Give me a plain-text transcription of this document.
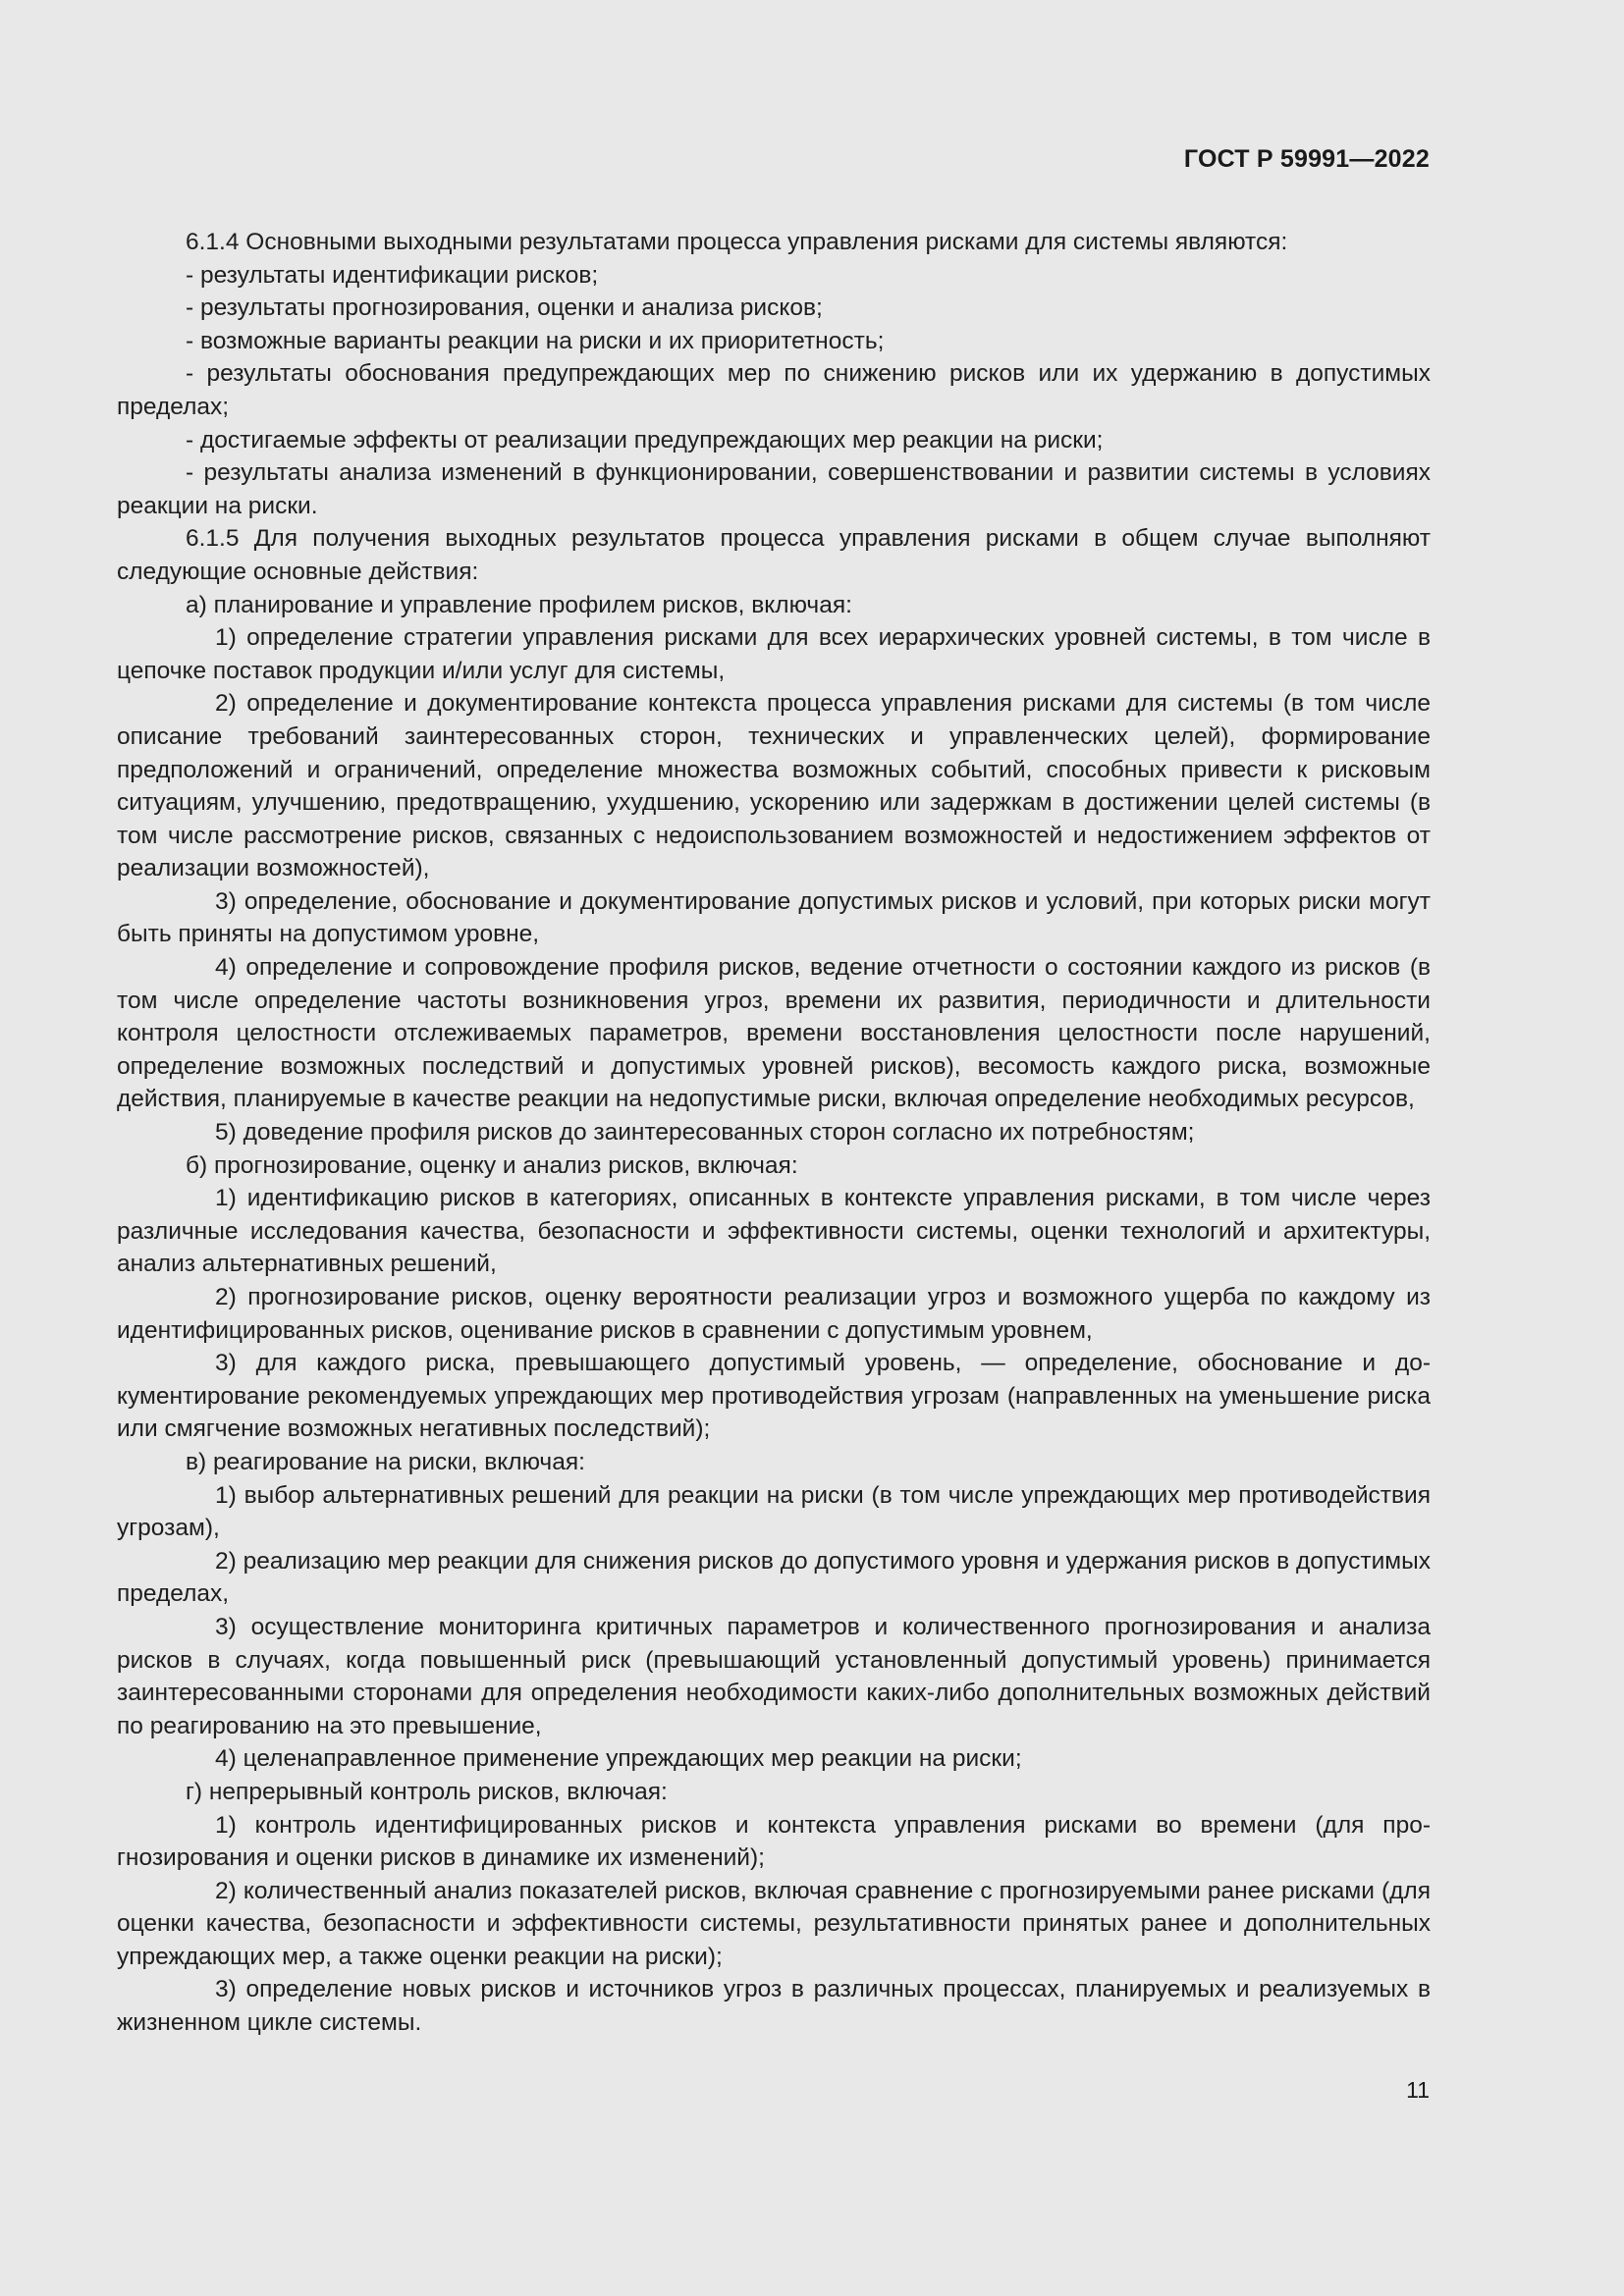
ГОСТ Р 59991—2022

6.1.4 Основными выходными результатами процесса управления рисками для системы являются:

- результаты идентификации рисков;

- результаты прогнозирования, оценки и анализа рисков;

- возможные варианты реакции на риски и их приоритетность;

- результаты обоснования предупреждающих мер по снижению рисков или их удержанию в допустимых пределах;

- достигаемые эффекты от реализации предупреждающих мер реакции на риски;

- результаты анализа изменений в функционировании, совершенствовании и развитии системы в условиях реакции на риски.

6.1.5 Для получения выходных результатов процесса управления рисками в общем случае выполняют следующие основные действия:

а) планирование и управление профилем рисков, включая:

1) определение стратегии управления рисками для всех иерархических уровней системы, в том числе в цепочке поставок продукции и/или услуг для системы,

2) определение и документирование контекста процесса управления рисками для системы (в том числе описание требований заинтересованных сторон, технических и управленческих целей), формирование предположений и ограничений, определение множества возможных событий, способных привести к рисковым ситуациям, улучшению, предотвращению, ухудшению, ускорению или задержкам в достижении целей системы (в том числе рассмотрение рисков, связанных с недоиспользованием возможностей и недостижением эффектов от реализации возможностей),

3) определение, обоснование и документирование допустимых рисков и условий, при которых риски могут быть приняты на допустимом уровне,

4) определение и сопровождение профиля рисков, ведение отчетности о состоянии каждого из рисков (в том числе определение частоты возникновения угроз, времени их развития, периодичности и длительности контроля целостности отслеживаемых параметров, времени восстановления целостности после нарушений, определение возможных последствий и допустимых уровней рисков), весомость каждого риска, возможные действия, планируемые в качестве реакции на недопустимые риски, включая определение необходимых ресурсов,

5) доведение профиля рисков до заинтересованных сторон согласно их потребностям;

б) прогнозирование, оценку и анализ рисков, включая:

1) идентификацию рисков в категориях, описанных в контексте управления рисками, в том числе через различные исследования качества, безопасности и эффективности системы, оценки технологий и архитектуры, анализ альтернативных решений,

2) прогнозирование рисков, оценку вероятности реализации угроз и возможного ущерба по каждому из идентифицированных рисков, оценивание рисков в сравнении с допустимым уровнем,

3) для каждого риска, превышающего допустимый уровень, — определение, обоснование и документирование рекомендуемых упреждающих мер противодействия угрозам (направленных на уменьшение риска или смягчение возможных негативных последствий);

в) реагирование на риски, включая:

1) выбор альтернативных решений для реакции на риски (в том числе упреждающих мер противодействия угрозам),

2) реализацию мер реакции для снижения рисков до допустимого уровня и удержания рисков в допустимых пределах,

3) осуществление мониторинга критичных параметров и количественного прогнозирования и анализа рисков в случаях, когда повышенный риск (превышающий установленный допустимый уровень) принимается заинтересованными сторонами для определения необходимости каких-либо дополнительных возможных действий по реагированию на это превышение,

4) целенаправленное применение упреждающих мер реакции на риски;

г) непрерывный контроль рисков, включая:

1) контроль идентифицированных рисков и контекста управления рисками во времени (для прогнозирования и оценки рисков в динамике их изменений);

2) количественный анализ показателей рисков, включая сравнение с прогнозируемыми ранее рисками (для оценки качества, безопасности и эффективности системы, результативности принятых ранее и дополнительных упреждающих мер, а также оценки реакции на риски);

3) определение новых рисков и источников угроз в различных процессах, планируемых и реализуемых в жизненном цикле системы.

11
